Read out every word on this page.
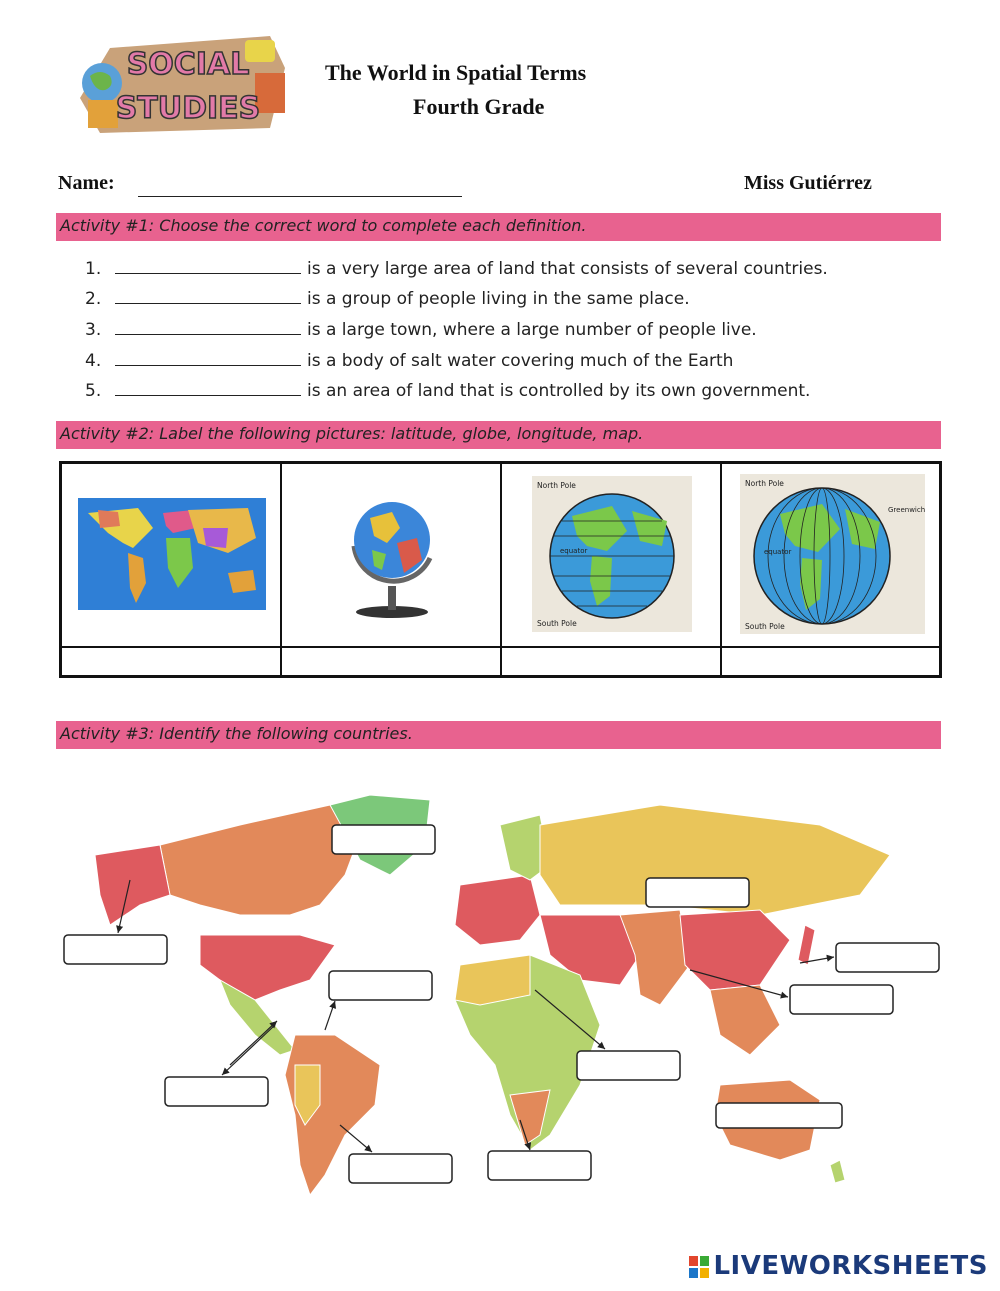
SOCIAL
STUDIES
The World in Spatial Terms
Fourth Grade
Name:	Miss Gutiérrez
Activity #1: Choose the correct word to complete each definition.
1.	is a very large area of land that consists of several countries.
2.	is a group of people living in the same place.
3.	is a large town, where a large number of people live.
4.	is a body of salt water covering much of the Earth
5.	is an area of land that is controlled by its own government.
Activity #2: Label the following pictures: latitude, globe, longitude, map.
North Pole
South Pole
equator
North Pole
South Pole
equator
Greenwich
Activity #3: Identify the following countries.
LIVEWORKSHEETS
